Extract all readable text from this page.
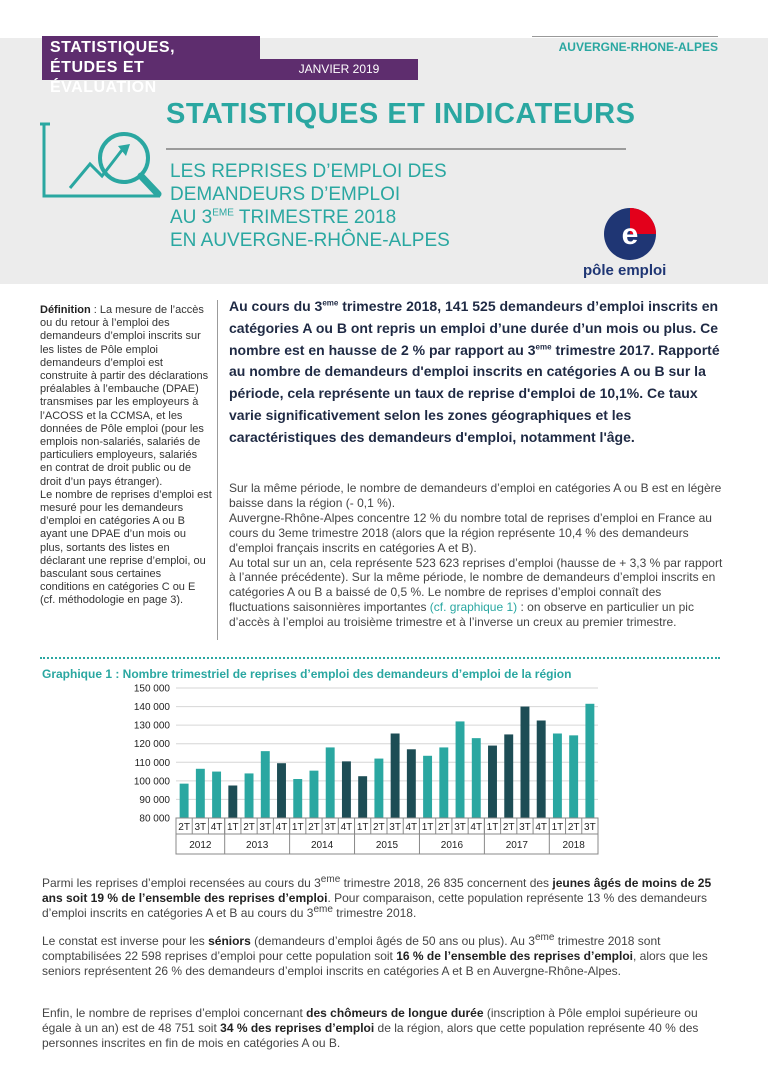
STATISTIQUES,
ÉTUDES ET ÉVALUATION
JANVIER 2019
AUVERGNE-RHONE-ALPES
STATISTIQUES ET INDICATEURS
LES REPRISES D’EMPLOI DES
DEMANDEURS D’EMPLOI
AU 3EME TRIMESTRE 2018
EN AUVERGNE-RHÔNE-ALPES	e
pôle emploi

Définition : La mesure de l’accès ou du retour à l’emploi des demandeurs d’emploi inscrits sur les listes de Pôle emploi demandeurs d’emploi est construite à partir des déclarations préalables à l’embauche (DPAE) transmises par les employeurs à l’ACOSS et la CCMSA, et les données de Pôle emploi (pour les emplois non-salariés, salariés de particuliers employeurs, salariés en contrat de droit public ou de droit d’un pays étranger).

Le nombre de reprises d’emploi est mesuré pour les demandeurs d’emploi en catégories A ou B ayant une DPAE d’un mois ou plus, sortants des listes en déclarant une reprise d’emploi, ou basculant sous certaines conditions en catégories C ou E (cf. méthodologie en page 3).

Au cours du 3eme trimestre 2018, 141 525 demandeurs d’emploi inscrits en catégories A ou B ont repris un emploi d’une durée d’un mois ou plus. Ce nombre est en hausse de 2 % par rapport au 3eme trimestre 2017. Rapporté au nombre de demandeurs d'emploi inscrits en catégories A ou B sur la période, cela représente un taux de reprise d'emploi de 10,1%. Ce taux varie significativement selon les zones géographiques et les caractéristiques des demandeurs d'emploi, notamment l'âge.

Sur la même période, le nombre de demandeurs d’emploi en catégories A ou B est en légère baisse dans la région (- 0,1 %).

Auvergne-Rhône-Alpes concentre 12 % du nombre total de reprises d’emploi en France au cours du 3eme trimestre 2018 (alors que la région représente 10,4 % des demandeurs d'emploi français inscrits en catégories A et B).

Au total sur un an, cela représente 523 623 reprises d’emploi (hausse de + 3,3 % par rapport à l’année précédente). Sur la même période, le nombre de demandeurs d’emploi inscrits en catégories A ou B a baissé de 0,5 %. Le nombre de reprises d’emploi connaît des fluctuations saisonnières importantes (cf. graphique 1) : on observe en particulier un pic d’accès à l’emploi au troisième trimestre et à l’inverse un creux au premier trimestre.

Graphique 1 : Nombre trimestriel de reprises d’emploi des demandeurs d’emploi de la région
80 000
90 000
100 000
110 000
120 000
130 000
140 000
150 000
2T 3T 4T 1T 2T 3T 4T 1T 2T 3T 4T 1T 2T 3T 4T 1T 2T 3T 4T 1T 2T 3T 4T 1T 2T 3T
2012	2013	2014	2015	2016	2017	2018
Parmi les reprises d’emploi recensées au cours du 3eme trimestre 2018, 26 835 concernent des jeunes âgés de moins de 25 ans soit 19 % de l’ensemble des reprises d’emploi. Pour comparaison, cette population représente 13 % des demandeurs d’emploi inscrits en catégories A et B au cours du 3eme trimestre 2018.
Le constat est inverse pour les séniors (demandeurs d’emploi âgés de 50 ans ou plus). Au 3eme trimestre 2018 sont comptabilisées 22 598 reprises d’emploi pour cette population soit 16 % de l’ensemble des reprises d’emploi, alors que les seniors représentent 26 % des demandeurs d’emploi inscrits en catégories A et B en Auvergne-Rhône-Alpes.
Enfin, le nombre de reprises d’emploi concernant des chômeurs de longue durée (inscription à Pôle emploi supérieure ou égale à un an) est de 48 751 soit 34 % des reprises d’emploi de la région, alors que cette population représente 40 % des personnes inscrites en fin de mois en catégories A ou B.
